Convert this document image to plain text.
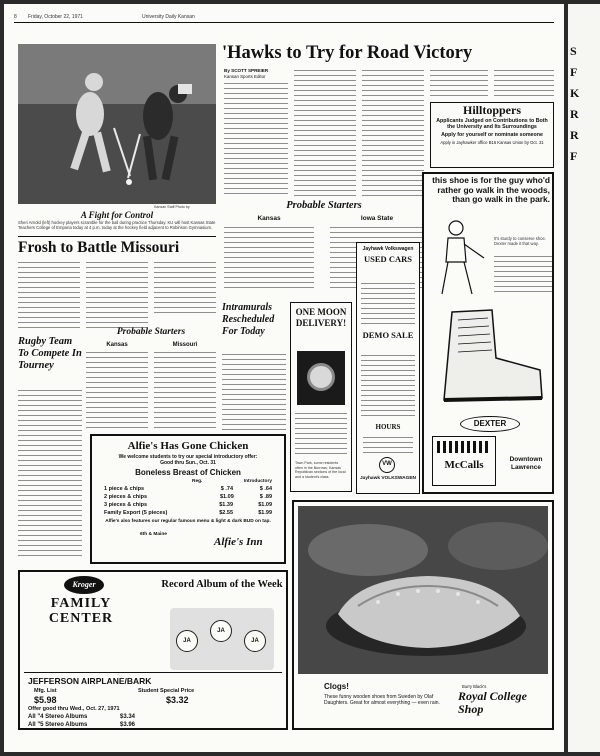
8 Friday, October 22, 1971	University Daily Kansan
Kansan Staff Photo by
A Fight for Control
Sheri Arnold (left) hockey players scramble for the ball during practice Thursday. KU will host Kansas State Teachers College of Emporia today at 4 p.m. today at the hockey field adjacent to Robinson Gymnasium.
Frosh to Battle Missouri
Rugby Team To Compete In Tourney
Probable Starters
Kansas	Missouri
Alfie's Has Gone Chicken
We welcome students to try our special introductory offer:
Good thru Sun., Oct. 31
Boneless Breast of Chicken
Reg.	Introductory
1 piece & chips	$ .74	$ .64
2 pieces & chips	$1.09	$ .89
3 pieces & chips	$1.39	$1.09
Family Export (5 pieces)	$2.55	$1.99
Alfie's also features our regular famous menu & light & dark BUD on tap.
6th & Maine
Alfie's Inn
Kroger
FAMILY CENTER
Record Album of the Week
JA
JA
JA
JEFFERSON AIRPLANE/BARK
Mfg. List
$5.98
Student Special Price
$3.32
Offer good thru Wed., Oct. 27, 1971
All "4 Stereo Albums	$3.34
All "5 Stereo Albums	$3.96
'Hawks to Try for Road Victory
By SCOTT SPREIER
Kansan Sports Editor
Probable Starters
Kansas	Iowa State
Intramurals Rescheduled For Today
ONE MOON DELIVERY!
Town Park, some residents often in the Burrows, Kansas Republican sections of the local and a student's class.
Jayhawk Volkswagen
USED CARS
DEMO SALE
HOURS
VW
Jayhawk VOLKSWAGEN
Hilltoppers
Applicants Judged on Contributions to Both the University and Its Surroundings
Apply for yourself or nominate someone
Apply in Jayhawker office B16 Kansas Union by Oct. 31
this shoe is for the guy who'd rather go walk in the woods, than go walk in the park.
It's sturdy to conserve shoe. Dexter made it that way.
DEXTER
McCalls	Downtown Lawrence
Clogs!
These funny wooden shoes from Sweden by Olaf Daughters. Great for almost everything — even rain.
Burry Black's
Royal College Shop
S
F
K
R
R
F
